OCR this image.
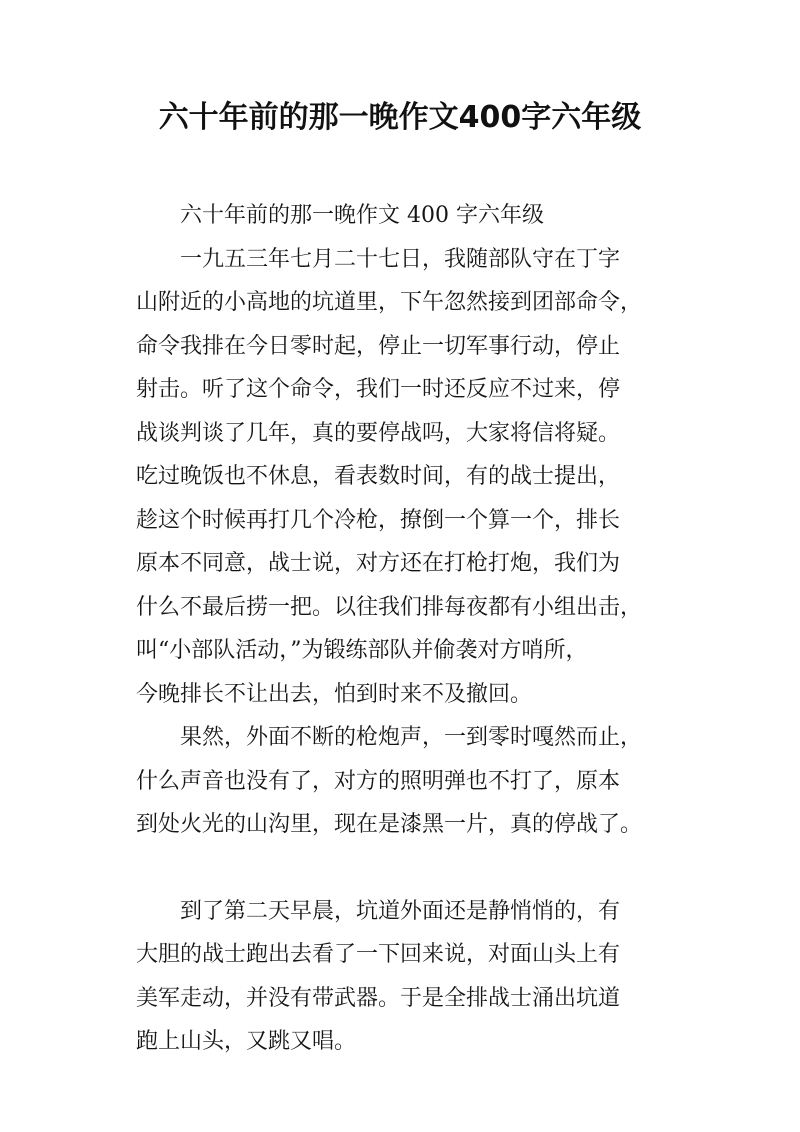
六十年前的那一晚作文400字六年级

六十年前的那一晚作文 400 字六年级

一九五三年七月二十七日，我随部队守在丁字
山附近的小高地的坑道里，下午忽然接到团部命令，
命令我排在今日零时起，停止一切军事行动，停止
射击。听了这个命令，我们一时还反应不过来，停
战谈判谈了几年，真的要停战吗，大家将信将疑。
吃过晚饭也不休息，看表数时间，有的战士提出，
趁这个时候再打几个冷枪，撩倒一个算一个，排长
原本不同意，战士说，对方还在打枪打炮，我们为
什么不最后捞一把。以往我们排每夜都有小组出击，
叫“小部队活动，”为锻练部队并偷袭对方哨所，
今晚排长不让出去，怕到时来不及撤回。

果然，外面不断的枪炮声，一到零时嘎然而止，
什么声音也没有了，对方的照明弹也不打了，原本
到处火光的山沟里，现在是漆黑一片，真的停战了。

到了第二天早晨，坑道外面还是静悄悄的，有
大胆的战士跑出去看了一下回来说，对面山头上有
美军走动，并没有带武器。于是全排战士涌出坑道
跑上山头，又跳又唱。
